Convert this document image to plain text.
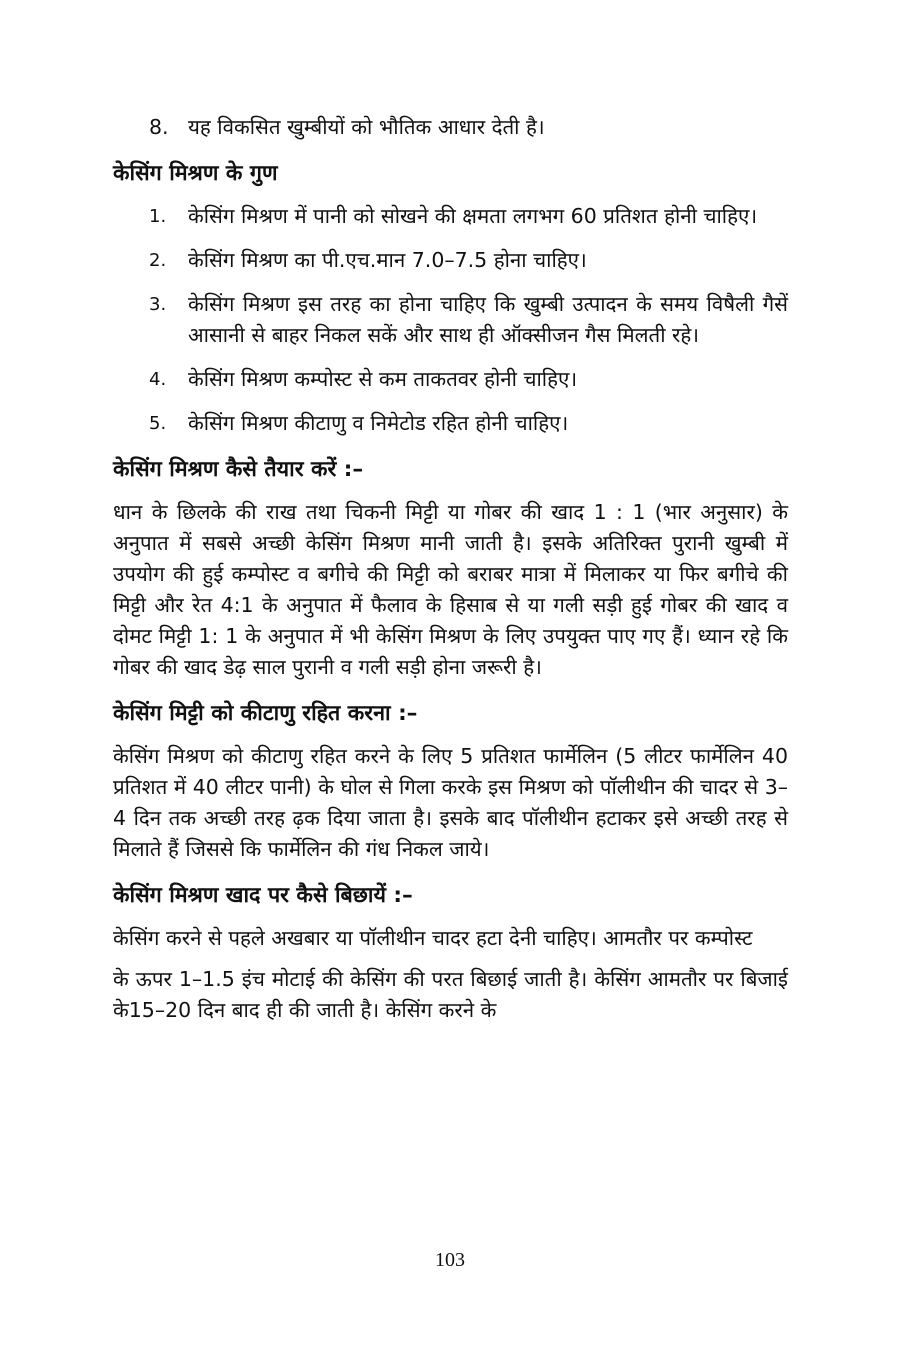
8. यह विकसित खुम्बीयों को भौतिक आधार देती है।
केसिंग मिश्रण के गुण
1.	केसिंग मिश्रण में पानी को सोखने की क्षमता लगभग 60 प्रतिशत होनी चाहिए।
2.	केसिंग मिश्रण का पी.एच.मान 7.0–7.5 होना चाहिए।
3.	केसिंग मिश्रण इस तरह का होना चाहिए कि खुम्बी उत्पादन के समय विषैली गैसें आसानी से बाहर निकल सकें और साथ ही ऑक्सीजन गैस मिलती रहे।
4.	केसिंग मिश्रण कम्पोस्ट से कम ताकतवर होनी चाहिए।
5.	केसिंग मिश्रण कीटाणु व निमेटोड रहित होनी चाहिए।
केसिंग मिश्रण कैसे तैयार करें :–

धान के छिलके की राख तथा चिकनी मिट्टी या गोबर की खाद 1 : 1 (भार अनुसार) के अनुपात में सबसे अच्छी केसिंग मिश्रण मानी जाती है। इसके अतिरिक्त पुरानी खुम्बी में उपयोग की हुई कम्पोस्ट व बगीचे की मिट्टी को बराबर मात्रा में मिलाकर या फिर बगीचे की मिट्टी और रेत 4:1 के अनुपात में फैलाव के हिसाब से या गली सड़ी हुई गोबर की खाद व दोमट मिट्टी 1: 1 के अनुपात में भी केसिंग मिश्रण के लिए उपयुक्त पाए गए हैं। ध्यान रहे कि गोबर की खाद डेढ़ साल पुरानी व गली सड़ी होना जरूरी है।

केसिंग मिट्टी को कीटाणु रहित करना :–

केसिंग मिश्रण को कीटाणु रहित करने के लिए 5 प्रतिशत फार्मेलिन (5 लीटर फार्मेलिन 40 प्रतिशत में 40 लीटर पानी) के घोल से गिला करके इस मिश्रण को पॉलीथीन की चादर से 3–4 दिन तक अच्छी तरह ढ़क दिया जाता है। इसके बाद पॉलीथीन हटाकर इसे अच्छी तरह से मिलाते हैं जिससे कि फार्मेलिन की गंध निकल जाये।

केसिंग मिश्रण खाद पर कैसे बिछायें :–

केसिंग करने से पहले अखबार या पॉलीथीन चादर हटा देनी चाहिए। आमतौर पर कम्पोस्ट

के ऊपर 1–1.5 इंच मोटाई की केसिंग की परत बिछाई जाती है। केसिंग आमतौर पर बिजाई के15–20 दिन बाद ही की जाती है। केसिंग करने के

103
